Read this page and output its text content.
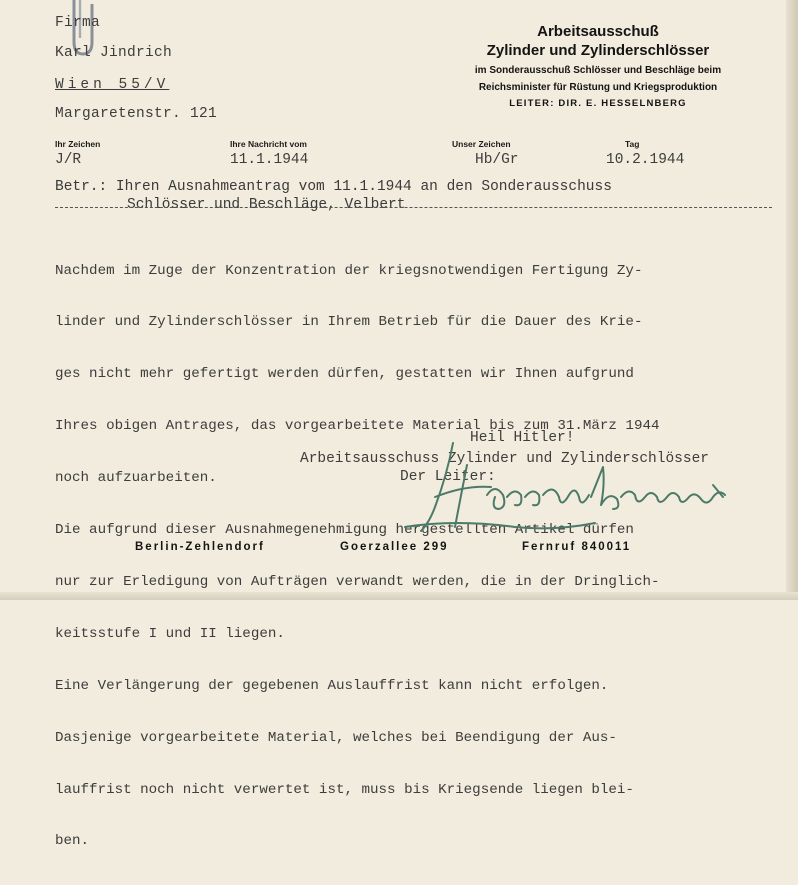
Firma
Karl Jindrich
Wien 55/V
Margaretenstr. 121
Arbeitsausschuß
Zylinder und Zylinderschlösser
im Sonderausschuß Schlösser und Beschläge beim
Reichsminister für Rüstung und Kriegsproduktion
LEITER: DIR. E. HESSELNBERG
Ihr Zeichen	Ihre Nachricht vom	Unser Zeichen	Tag
J/R	11.1.1944	Hb/Gr	10.2.1944
Betr.: Ihren Ausnahmeantrag vom 11.1.1944 an den Sonderausschuss
Schlösser und Beschläge, Velbert

Nachdem im Zuge der Konzentration der kriegsnotwendigen Fertigung Zy-

linder und Zylinderschlösser in Ihrem Betrieb für die Dauer des Krie-

ges nicht mehr gefertigt werden dürfen, gestatten wir Ihnen aufgrund

Ihres obigen Antrages, das vorgearbeitete Material bis zum 31.März 1944

noch aufzuarbeiten.

Die aufgrund dieser Ausnahmegenehmigung hergestellten Artikel dürfen

nur zur Erledigung von Aufträgen verwandt werden, die in der Dringlich-

keitsstufe I und II liegen.

Eine Verlängerung der gegebenen Auslauffrist kann nicht erfolgen.

Dasjenige vorgearbeitete Material, welches bei Beendigung der Aus-

lauffrist noch nicht verwertet ist, muss bis Kriegsende liegen blei-

ben.

Heil Hitler!
Arbeitsausschuss Zylinder und Zylinderschlösser
Der Leiter:
Berlin-Zehlendorf	Goerzallee 299	Fernruf 840011
